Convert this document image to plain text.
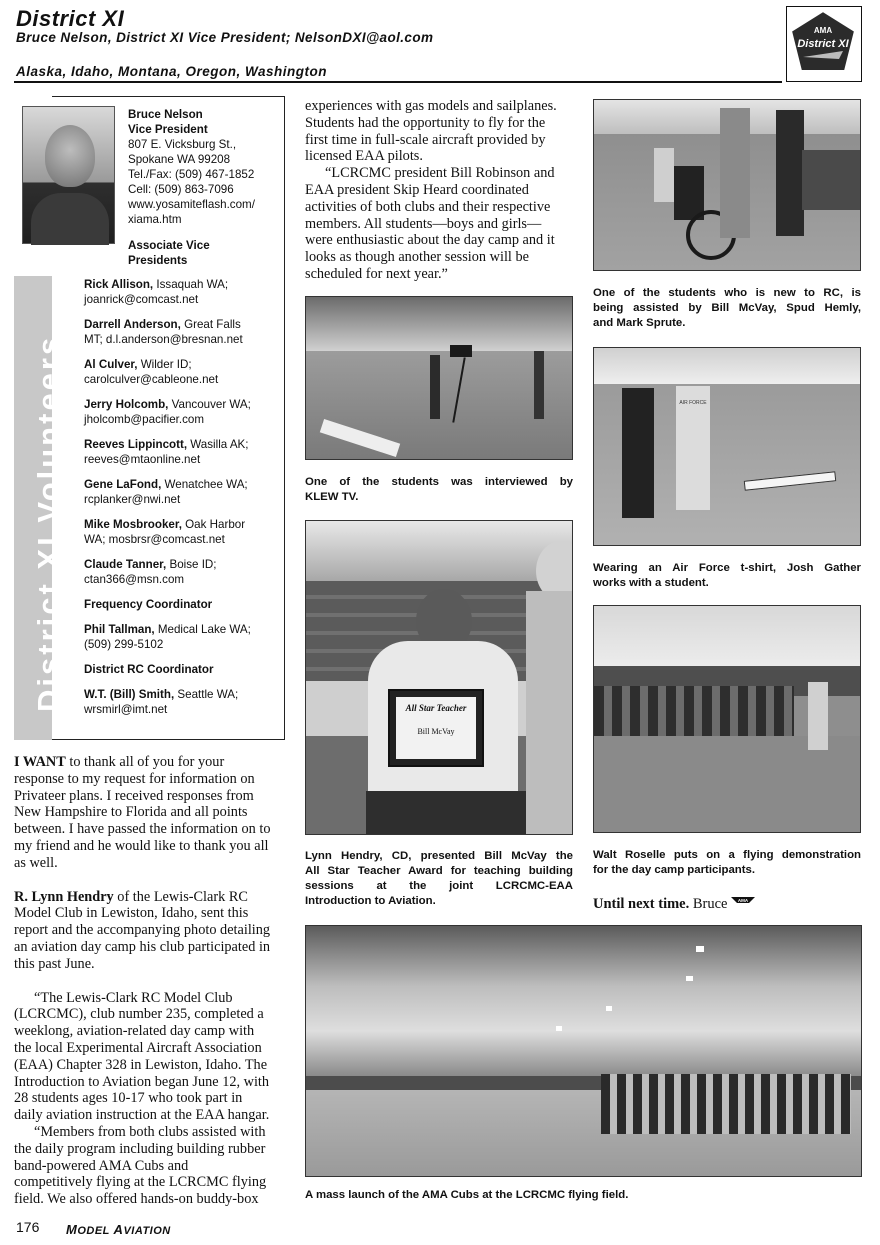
District XI
Bruce Nelson, District XI Vice President; NelsonDXI@aol.com
Alaska, Idaho, Montana, Oregon, Washington
AMA
District XI
District XI Volunteers
Bruce Nelson
Vice President
807 E. Vicksburg St.,
Spokane WA 99208
Tel./Fax: (509) 467-1852
Cell: (509) 863-7096
www.yosamiteflash.com/
xiama.htm
Associate Vice
Presidents
Rick Allison, Issaquah WA;
joanrick@comcast.net
Darrell Anderson, Great Falls
MT; d.l.anderson@bresnan.net
Al Culver, Wilder ID;
carolculver@cableone.net
Jerry Holcomb, Vancouver WA;
jholcomb@pacifier.com
Reeves Lippincott, Wasilla AK;
reeves@mtaonline.net
Gene LaFond, Wenatchee WA;
rcplanker@nwi.net
Mike Mosbrooker, Oak Harbor
WA; mosbrsr@comcast.net
Claude Tanner, Boise ID;
ctan366@msn.com
Frequency Coordinator
Phil Tallman, Medical Lake WA;
(509) 299-5102
District RC Coordinator
W.T. (Bill) Smith, Seattle WA;
wrsmirl@imt.net

I WANT to thank all of you for your
response to my request for information on
Privateer plans. I received responses from
New Hampshire to Florida and all points
between. I have passed the information on to
my friend and he would like to thank you all
as well.

R. Lynn Hendry of the Lewis-Clark RC
Model Club in Lewiston, Idaho, sent this
report and the accompanying photo detailing
an aviation day camp his club participated in
this past June.

“The Lewis-Clark RC Model Club
(LCRCMC), club number 235, completed a
weeklong, aviation-related day camp with
the local Experimental Aircraft Association
(EAA) Chapter 328 in Lewiston, Idaho. The
Introduction to Aviation began June 12, with
28 students ages 10-17 who took part in
daily aviation instruction at the EAA hangar.

“Members from both clubs assisted with
the daily program including building rubber
band-powered AMA Cubs and
competitively flying at the LCRCMC flying
field. We also offered hands-on buddy-box

experiences with gas models and sailplanes.
Students had the opportunity to fly for the
first time in full-scale aircraft provided by
licensed EAA pilots.

“LCRCMC president Bill Robinson and
EAA president Skip Heard coordinated
activities of both clubs and their respective
members. All students—boys and girls—
were enthusiastic about the day camp and it
looks as though another session will be
scheduled for next year.”

One of the students was interviewed by
KLEW TV.
All Star Teacher
Bill McVay
Lynn Hendry, CD, presented Bill McVay the
All Star Teacher Award for teaching building
sessions at the joint LCRCMC-EAA
Introduction to Aviation.
One of the students who is new to RC, is
being assisted by Bill McVay, Spud Hemly,
and Mark Sprute.
AIR FORCE
Wearing an Air Force t-shirt, Josh Gather
works with a student.
Walt Roselle puts on a flying demonstration
for the day camp participants.
Until next time. Bruce AMA
A mass launch of the AMA Cubs at the LCRCMC flying field.
176 MODEL AVIATION
